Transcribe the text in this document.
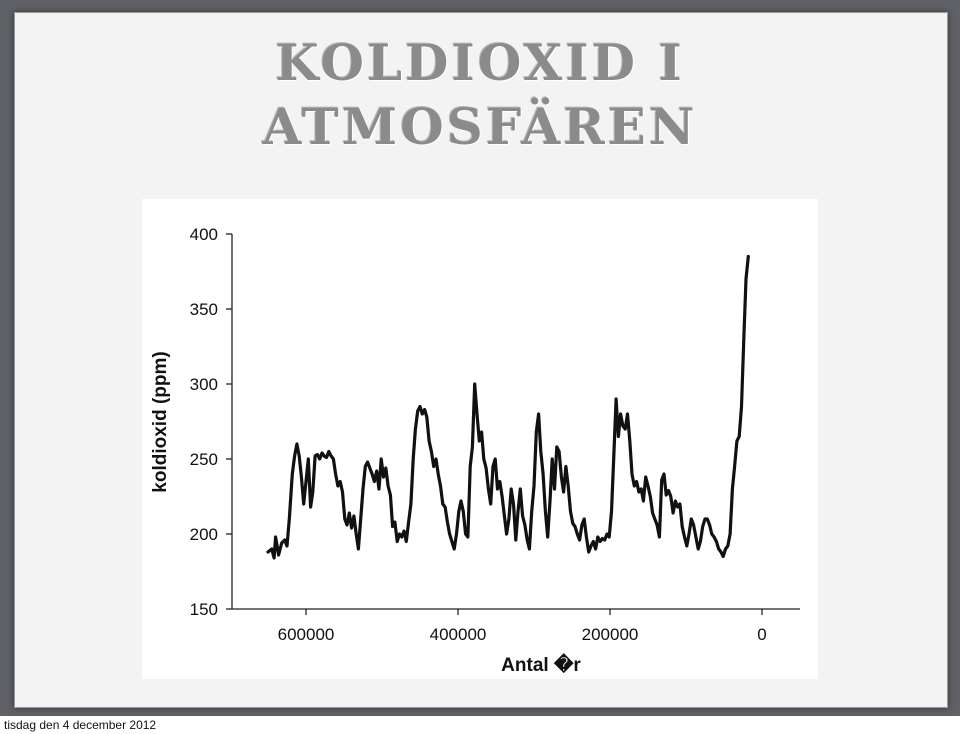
KOLDIOXID I
ATMOSFÄREN
150
200
250
300
350
400
600000	400000	200000	0
koldioxid (ppm)
Antal �r
tisdag den 4 december 2012
